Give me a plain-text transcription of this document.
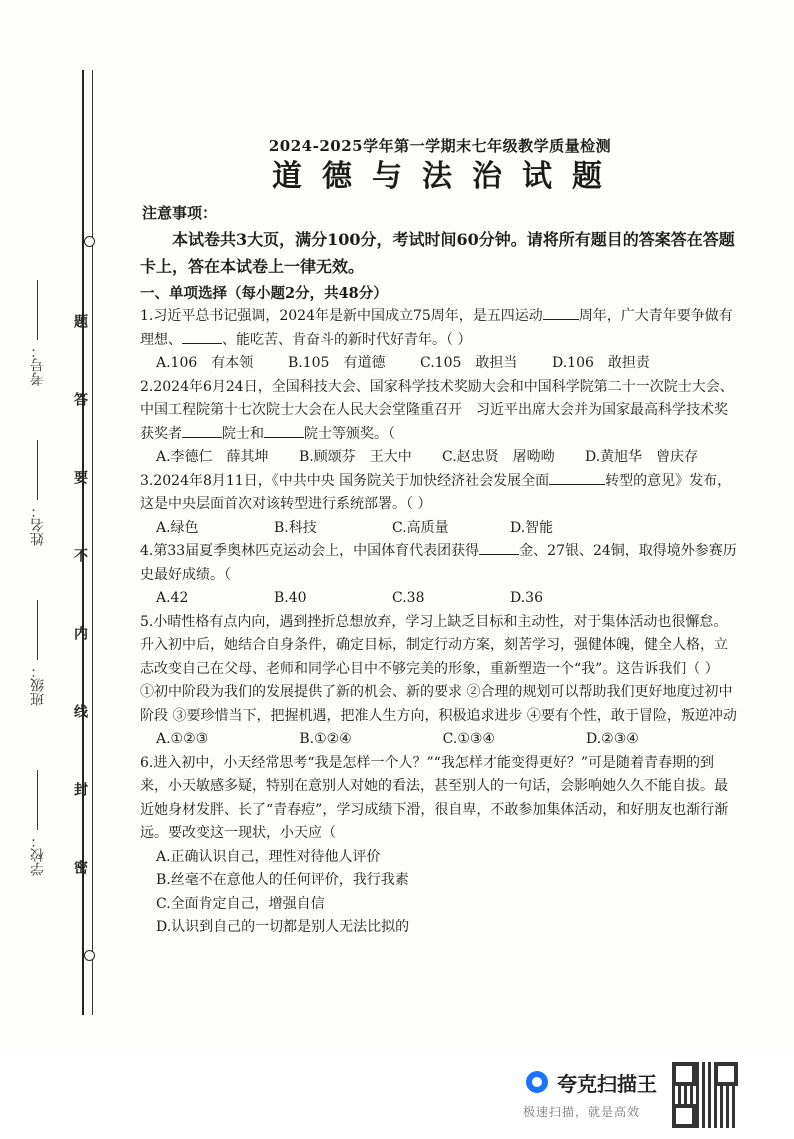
题
答
要
不
内
线
封
密
学校：
班级：
姓名：
考号：
2024-2025学年第一学期末七年级教学质量检测
道德与法治试题
注意事项：
本试卷共3大页，满分100分，考试时间60分钟。请将所有题目的答案答在答题卡上，答在本试卷上一律无效。
一、单项选择（每小题2分，共48分）
1.习近平总书记强调，2024年是新中国成立75周年，是五四运动	周年，广大青年要争做有理想、	、能吃苦、肯奋斗的新时代好青年。（ ）
A.106　有本领	B.105　有道德	C.105　敢担当	D.106　敢担责
2.2024年6月24日，全国科技大会、国家科学技术奖励大会和中国科学院第二十一次院士大会、中国工程院第十七次院士大会在人民大会堂隆重召开　习近平出席大会并为国家最高科学技术奖获奖者	院士和	院士等颁奖。（
A.李德仁　薛其坤	B.顾颂芬　王大中	C.赵忠贤　屠呦呦	D.黄旭华　曾庆存
3.2024年8月11日，《中共中央 国务院关于加快经济社会发展全面	转型的意见》发布，这是中央层面首次对该转型进行系统部署。（ ）
A.绿色	B.科技	C.高质量	D.智能
4.第33届夏季奥林匹克运动会上，中国体育代表团获得	金、27银、24铜，取得境外参赛历史最好成绩。（
A.42	B.40	C.38	D.36
5.小晴性格有点内向，遇到挫折总想放弃，学习上缺乏目标和主动性，对于集体活动也很懈怠。升入初中后，她结合自身条件，确定目标，制定行动方案，刻苦学习，强健体魄，健全人格，立志改变自己在父母、老师和同学心目中不够完美的形象，重新塑造一个“我”。这告诉我们（ ）
①初中阶段为我们的发展提供了新的机会、新的要求 ②合理的规划可以帮助我们更好地度过初中阶段 ③要珍惜当下，把握机遇，把准人生方向，积极追求进步 ④要有个性，敢于冒险，叛逆冲动
A.①②③	B.①②④	C.①③④	D.②③④
6.进入初中，小天经常思考“我是怎样一个人？”“我怎样才能变得更好？”可是随着青春期的到来，小天敏感多疑，特别在意别人对她的看法，甚至别人的一句话，会影响她久久不能自拔。最近她身材发胖、长了“青春痘”，学习成绩下滑，很自卑，不敢参加集体活动，和好朋友也渐行渐远。要改变这一现状，小天应（
A.正确认识自己，理性对待他人评价
B.丝毫不在意他人的任何评价，我行我素
C.全面肯定自己，增强自信
D.认识到自己的一切都是别人无法比拟的
夸克扫描王
极速扫描，就是高效
